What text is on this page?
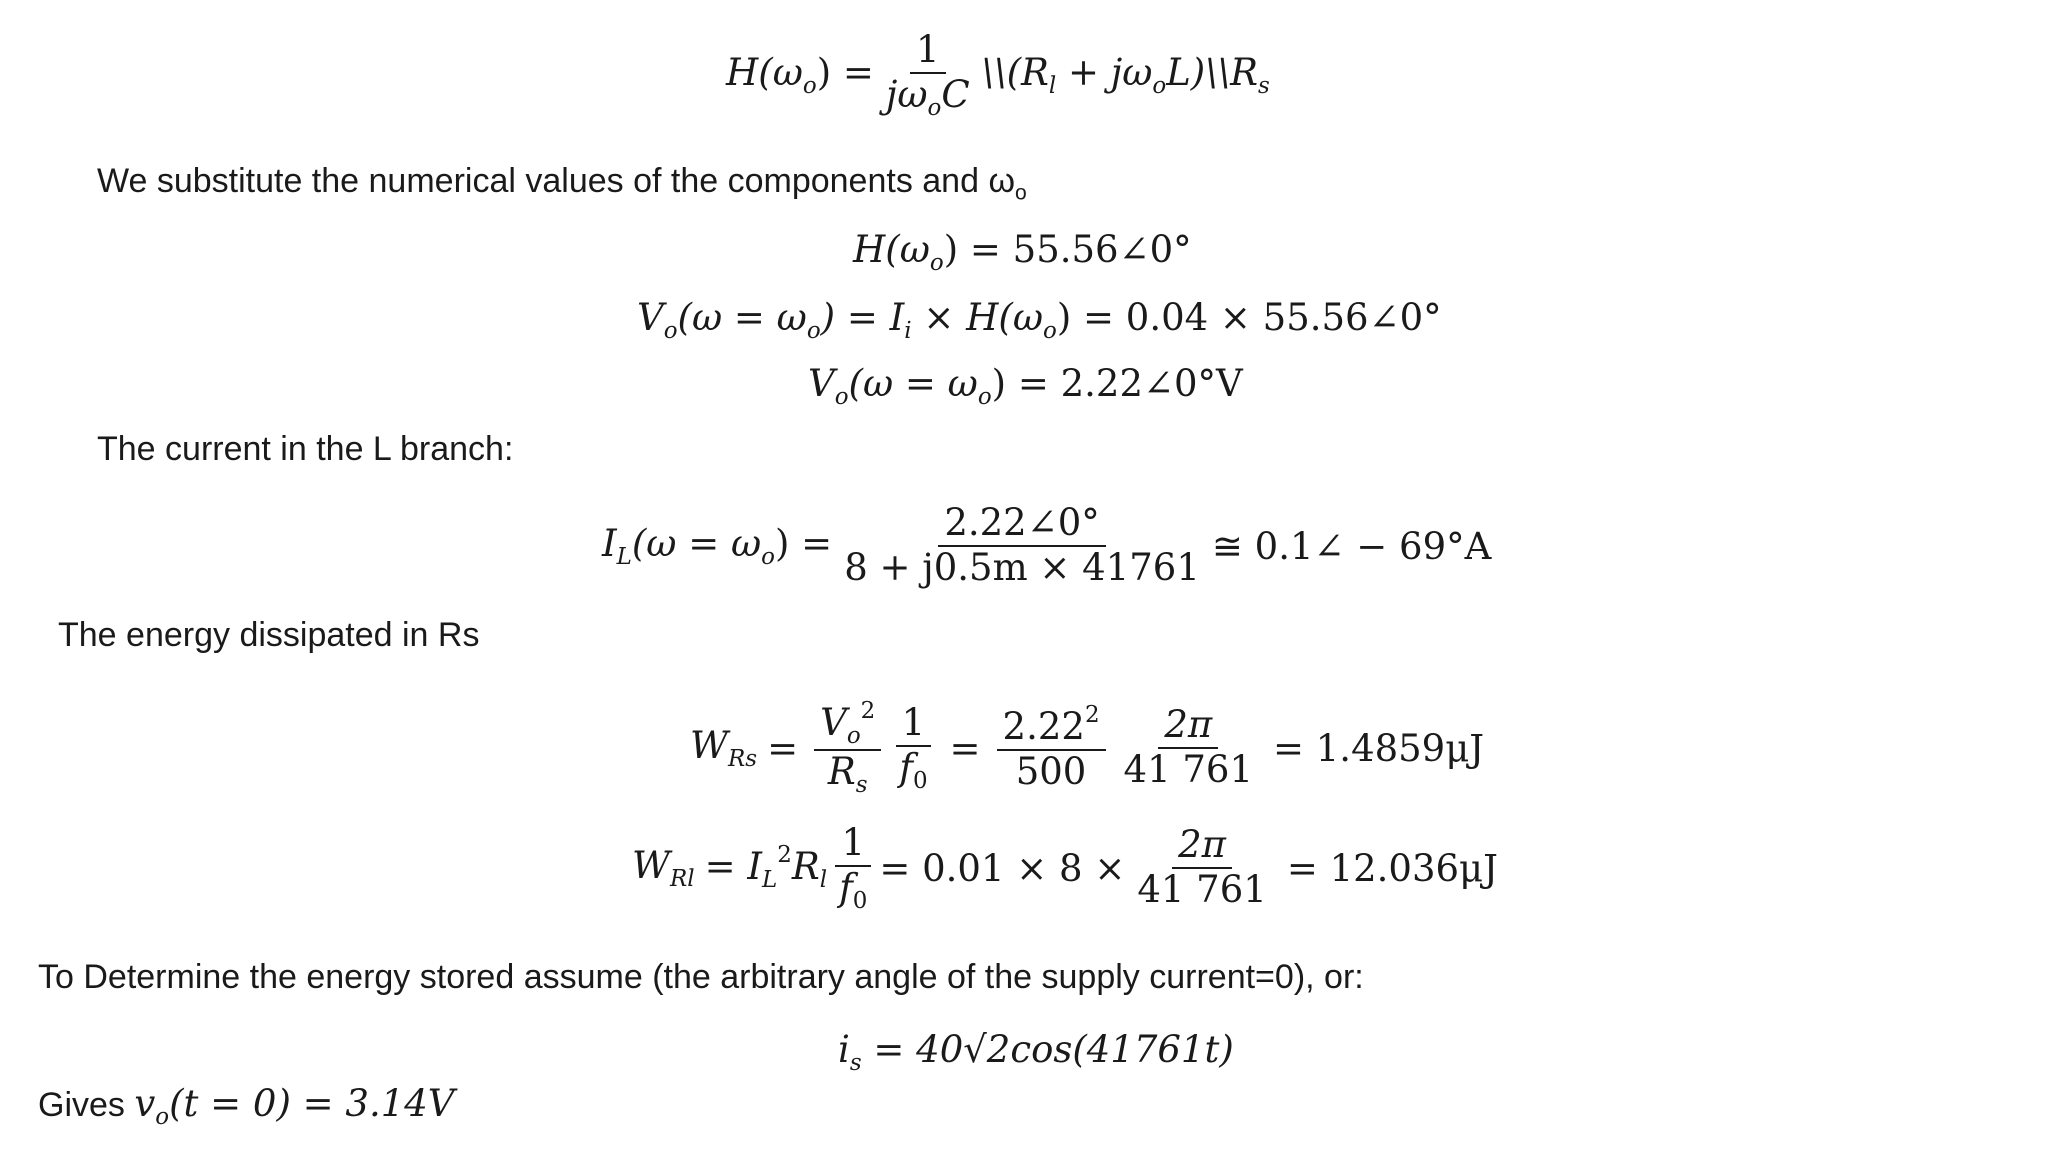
$H(\omega_o) = \frac{1}{j\omega_oC}$ $\backslash\backslash(R_l$ + $j\omega_oL)\backslash\backslash R_s$
We substitute the numerical values of the components and $\omega_o$
$H(\omega_o)$ = 55.56∠0°
$V_o(\omega = \omega_o) = I_i \times H(\omega_o) = 0.04$ × 55.56∠0°
$V_o(\omega = \omega_o)$ = 2.22∠0°V
The current in the L branch:
$I_L(\omega = \omega_o) = \frac{2.22\angle 0^\circ}{8 + j0.5m \times 41761}$ ≅ 0.1∠ − 69°A
The energy dissipated in Rs
$W_{Rs} = \frac{V_o^2}{R_s} \frac{1}{f_0} = \frac{2.22^2}{500} \frac{2\pi}{41 761} = 1.4859\mu J$
$W_{Rl} = I_L^2R_l \frac{1}{f_0} = 0.01 \times 8 \times \frac{2\pi}{41 761} = 12.036\mu J$
To Determine the energy stored assume (the arbitrary angle of the supply current=0), or:
$i_s = 40√2\cos(41761t)$
Gives $v_o(t = 0) = 3.14V$
